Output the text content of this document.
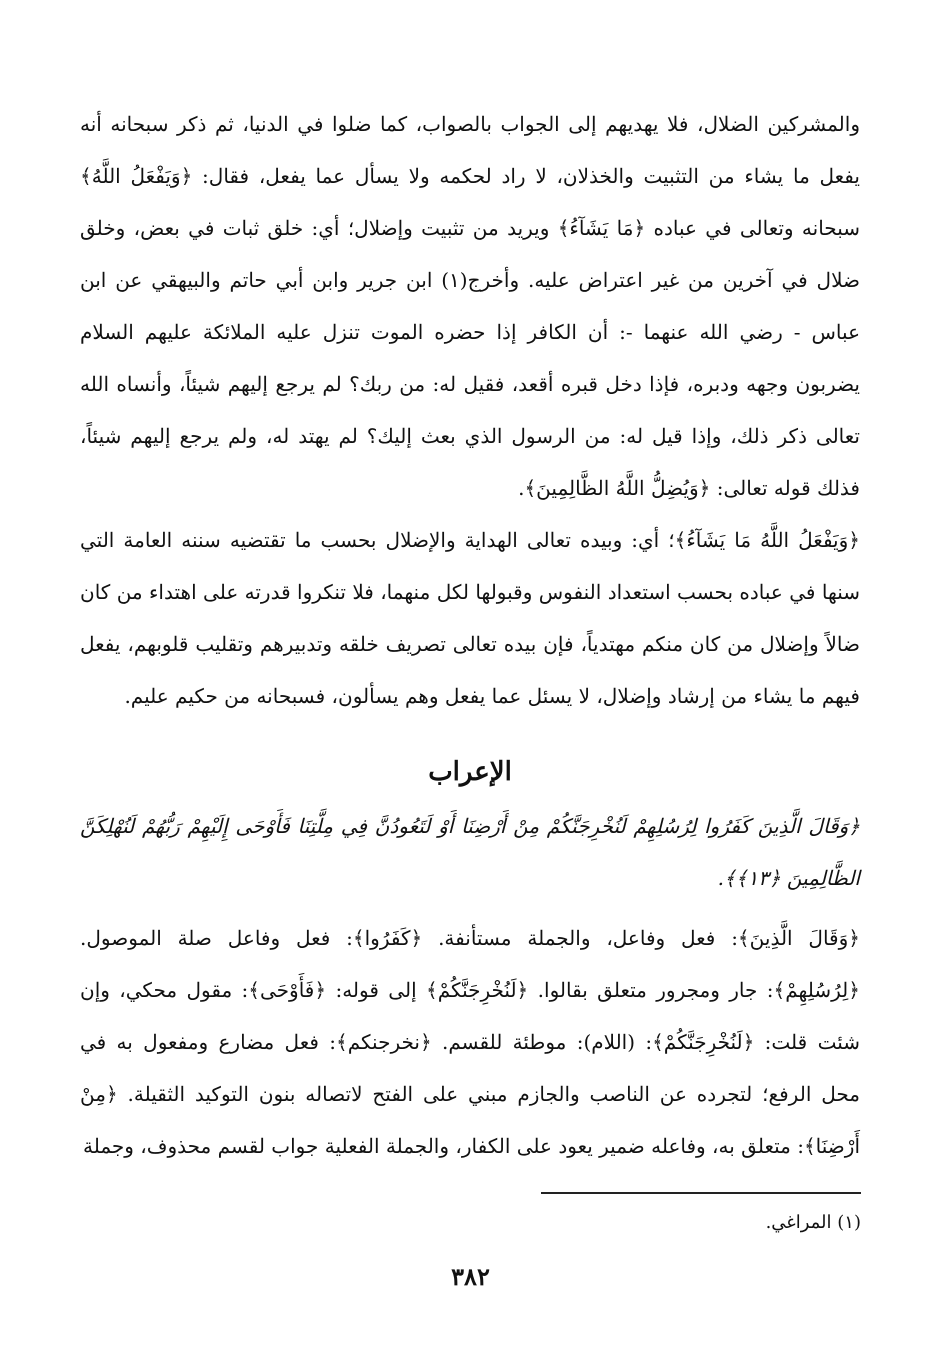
والمشركين الضلال، فلا يهديهم إلى الجواب بالصواب، كما ضلوا في الدنيا، ثم ذكر سبحانه أنه يفعل ما يشاء من التثبيت والخذلان، لا راد لحكمه ولا يسأل عما يفعل، فقال: ﴿وَيَفْعَلُ اللَّهُ﴾ سبحانه وتعالى في عباده ﴿مَا يَشَآءُ﴾ ويريد من تثبيت وإضلال؛ أي: خلق ثبات في بعض، وخلق ضلال في آخرين من غير اعتراض عليه. وأخرج(١) ابن جرير وابن أبي حاتم والبيهقي عن ابن عباس - رضي الله عنهما -: أن الكافر إذا حضره الموت تنزل عليه الملائكة عليهم السلام يضربون وجهه ودبره، فإذا دخل قبره أقعد، فقيل له: من ربك؟ لم يرجع إليهم شيئاً، وأنساه الله تعالى ذكر ذلك، وإذا قيل له: من الرسول الذي بعث إليك؟ لم يهتد له، ولم يرجع إليهم شيئاً، فذلك قوله تعالى: ﴿وَيُضِلُّ اللَّهُ الظَّالِمِينَ﴾.

﴿وَيَفْعَلُ اللَّهُ مَا يَشَآءُ﴾؛ أي: وبيده تعالى الهداية والإضلال بحسب ما تقتضيه سننه العامة التي سنها في عباده بحسب استعداد النفوس وقبولها لكل منهما، فلا تنكروا قدرته على اهتداء من كان ضالاً وإضلال من كان منكم مهتدياً، فإن بيده تعالى تصريف خلقه وتدبيرهم وتقليب قلوبهم، يفعل فيهم ما يشاء من إرشاد وإضلال، لا يسئل عما يفعل وهم يسألون، فسبحانه من حكيم عليم.

الإعراب

﴿وَقَالَ الَّذِينَ كَفَرُوا لِرُسُلِهِمْ لَنُخْرِجَنَّكُمْ مِنْ أَرْضِنَا أَوْ لَتَعُودُنَّ فِي مِلَّتِنَا فَأَوْحَى إِلَيْهِمْ رَبُّهُمْ لَنُهْلِكَنَّ الظَّالِمِينَ ﴿١٣﴾﴾.

﴿وَقَالَ الَّذِينَ﴾: فعل وفاعل، والجملة مستأنفة. ﴿كَفَرُوا﴾: فعل وفاعل صلة الموصول. ﴿لِرُسُلِهِمْ﴾: جار ومجرور متعلق بقالوا. ﴿لَنُخْرِجَنَّكُمْ﴾ إلى قوله: ﴿فَأَوْحَى﴾: مقول محكي، وإن شئت قلت: ﴿لَنُخْرِجَنَّكُمْ﴾: (اللام): موطئة للقسم. ﴿نخرجنكم﴾: فعل مضارع ومفعول به في محل الرفع؛ لتجرده عن الناصب والجازم مبني على الفتح لاتصاله بنون التوكيد الثقيلة. ﴿مِنْ أَرْضِنَا﴾: متعلق به، وفاعله ضمير يعود على الكفار، والجملة الفعلية جواب لقسم محذوف، وجملة

(١) المراغي.
٣٨٢
